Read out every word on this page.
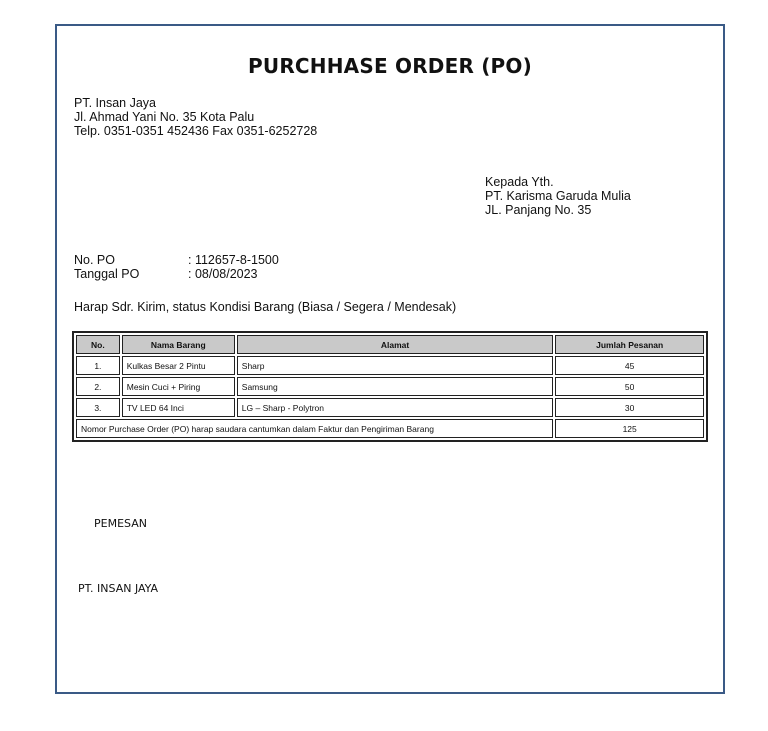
PURCHHASE ORDER (PO)
PT. Insan Jaya
Jl. Ahmad Yani No. 35 Kota Palu
Telp. 0351-0351 452436 Fax 0351-6252728
Kepada Yth.
PT. Karisma Garuda Mulia
JL. Panjang No. 35
No. PO	: 112657-8-1500
Tanggal PO	: 08/08/2023
Harap Sdr. Kirim, status Kondisi Barang (Biasa / Segera / Mendesak)
No.	Nama Barang	Alamat	Jumlah Pesanan
1.	Kulkas Besar 2 Pintu	Sharp	45
2.	Mesin Cuci + Piring	Samsung	50
3.	TV LED 64 Inci	LG – Sharp - Polytron	30
Nomor Purchase Order (PO) harap saudara cantumkan dalam Faktur dan Pengiriman Barang			125
PEMESAN
PT. INSAN JAYA
